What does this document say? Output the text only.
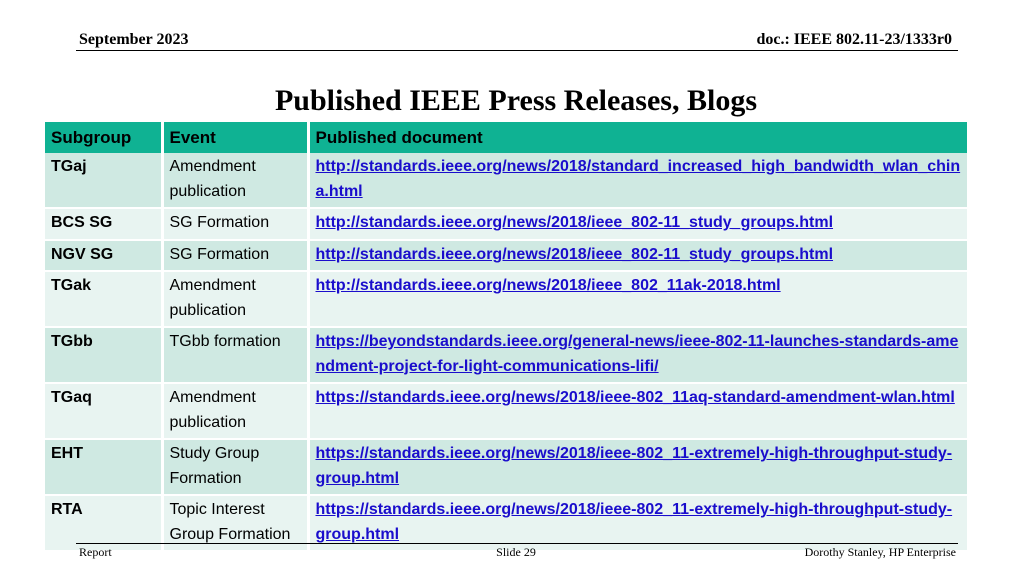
September 2023	doc.: IEEE 802.11-23/1333r0
Published IEEE Press Releases, Blogs
Subgroup	Event	Published document
TGaj	Amendment publication	http://standards.ieee.org/news/2018/standard_increased_high_bandwidth_wlan_china.html
BCS SG	SG Formation	http://standards.ieee.org/news/2018/ieee_802-11_study_groups.html
NGV SG	SG Formation	http://standards.ieee.org/news/2018/ieee_802-11_study_groups.html
TGak	Amendment publication	http://standards.ieee.org/news/2018/ieee_802_11ak-2018.html
TGbb	TGbb formation	https://beyondstandards.ieee.org/general-news/ieee-802-11-launches-standards-amendment-project-for-light-communications-lifi/
TGaq	Amendment publication	https://standards.ieee.org/news/2018/ieee-802_11aq-standard-amendment-wlan.html
EHT	Study Group Formation	https://standards.ieee.org/news/2018/ieee-802_11-extremely-high-throughput-study-group.html
RTA	Topic Interest Group Formation	https://standards.ieee.org/news/2018/ieee-802_11-extremely-high-throughput-study-group.html
Report	Slide 29	Dorothy Stanley, HP Enterprise
